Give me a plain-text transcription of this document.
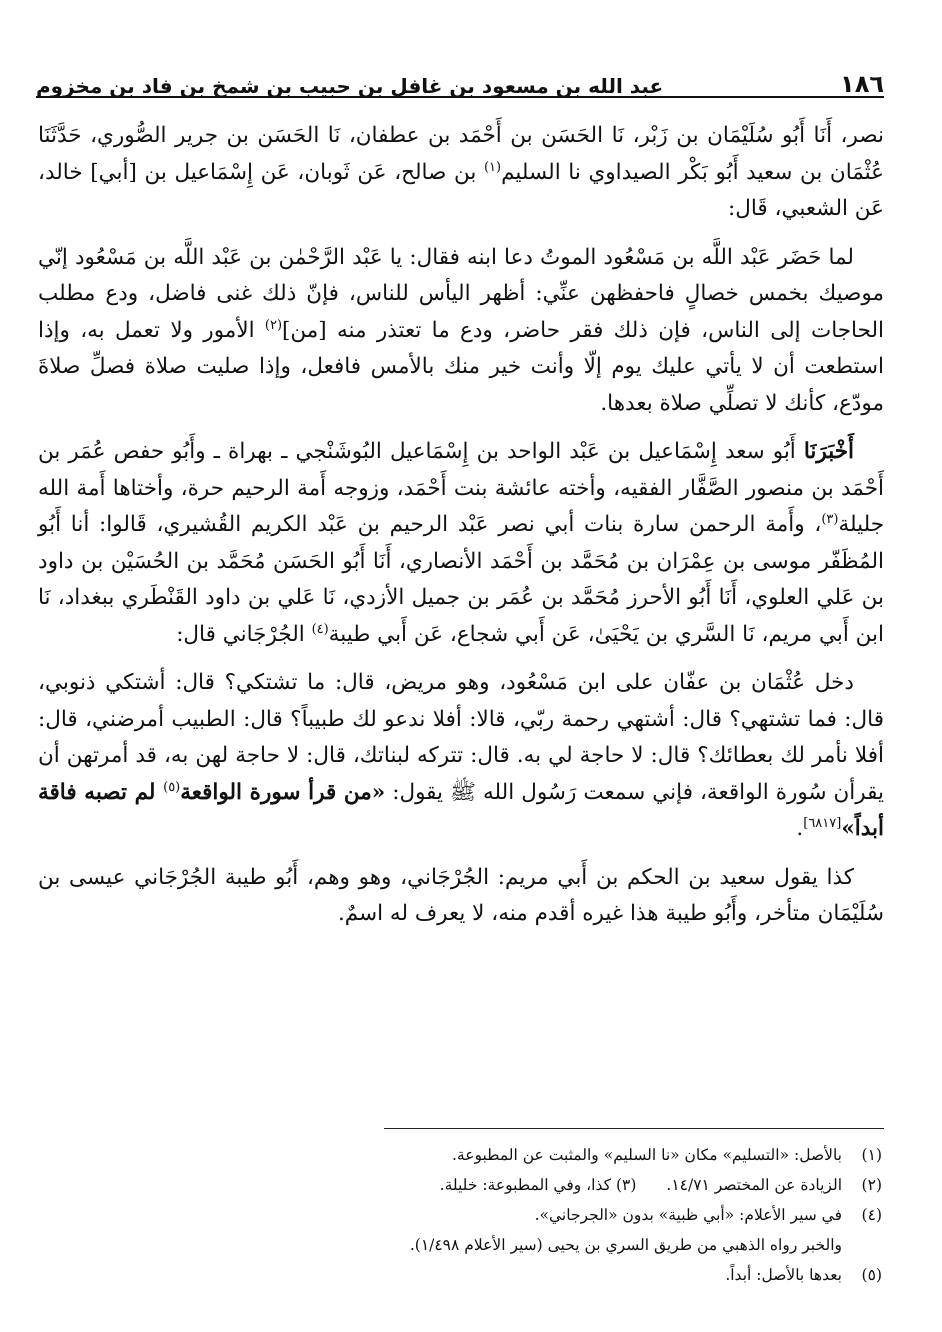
١٨٦
عبد الله بن مسعود بن غافل بن حبيب بن شمخ بن فاد بن مخزوم

نصر، أَنَا أَبُو سُلَيْمَان بن زَبْر، نَا الحَسَن بن أَحْمَد بن عطفان، نَا الحَسَن بن جرير الصُّوري، حَدَّثَنَا عُثْمَان بن سعيد أَبُو بَكْر الصيداوي نا السليم$^{(١)}$ بن صالح، عَن ثَوبان، عَن إِسْمَاعيل بن [أبي] خالد، عَن الشعبي، قَال:

لما حَضَر عَبْد اللَّه بن مَسْعُود الموتُ دعا ابنه فقال: يا عَبْد الرَّحْمٰن بن عَبْد اللَّه بن مَسْعُود إنّي موصيك بخمس خصالٍ فاحفظهن عنِّي: أظهر اليأس للناس، فإنّ ذلك غنى فاضل، ودع مطلب الحاجات إلى الناس، فإن ذلك فقر حاضر، ودع ما تعتذر منه [من]$^{(٢)}$ الأمور ولا تعمل به، وإذا استطعت أن لا يأتي عليك يوم إلّا وأنت خير منك بالأمس فافعل، وإذا صليت صلاة فصلِّ صلاةَ مودّع، كأنك لا تصلِّي صلاة بعدها.

أَخْبَرَنَا أَبُو سعد إِسْمَاعيل بن عَبْد الواحد بن إِسْمَاعيل البُوشَنْجي ـ بهراة ـ وأَبُو حفص عُمَر بن أَحْمَد بن منصور الصَّفَّار الفقيه، وأخته عائشة بنت أَحْمَد، وزوجه أَمة الرحيم حرة، وأختاها أَمة الله جليلة$^{(٣)}$، وأَمة الرحمن سارة بنات أبي نصر عَبْد الرحيم بن عَبْد الكريم القُشيري، قَالوا: أنا أَبُو المُظَفّر موسى بن عِمْرَان بن مُحَمَّد بن أَحْمَد الأنصاري، أَنَا أَبُو الحَسَن مُحَمَّد بن الحُسَيْن بن داود بن عَلي العلوي، أَنَا أَبُو الأحرز مُحَمَّد بن عُمَر بن جميل الأزدي، نَا عَلي بن داود القَنْطَري ببغداد، نَا ابن أَبي مريم، نَا السَّري بن يَحْيَىٰ، عَن أَبي شجاع، عَن أَبي طيبة$^{(٤)}$ الجُرْجَاني قال:

دخل عُثْمَان بن عفّان على ابن مَسْعُود، وهو مريض، قال: ما تشتكي؟ قال: أشتكي ذنوبي، قال: فما تشتهي؟ قال: أشتهي رحمة ربّي، قالا: أفلا ندعو لك طبيباً؟ قال: الطبيب أمرضني، قال: أفلا نأمر لك بعطائك؟ قال: لا حاجة لي به. قال: تتركه لبناتك، قال: لا حاجة لهن به، قد أمرتهن أن يقرأن سُورة الواقعة، فإني سمعت رَسُول الله ﷺ يقول: «من قرأ سورة الواقعة$^{(٥)}$ لم تصبه فاقة أبداً»[٦٨١٧].

كذا يقول سعيد بن الحكم بن أَبي مريم: الجُرْجَاني، وهو وهم، أَبُو طيبة الجُرْجَاني عيسى بن سُلَيْمَان متأخر، وأَبُو طيبة هذا غيره أقدم منه، لا يعرف له اسمٌ.

(١)
بالأصل: «التسليم» مكان «نا السليم» والمثبت عن المطبوعة.
(٢)
الزيادة عن المختصر ١٤/٧١.(٣) كذا، وفي المطبوعة: خليلة.
(٤)
في سير الأعلام: «أبي ظبية» بدون «الجرجاني».
والخبر رواه الذهبي من طريق السري بن يحيى (سير الأعلام ١/٤٩٨).
(٥)
بعدها بالأصل: أبداً.
